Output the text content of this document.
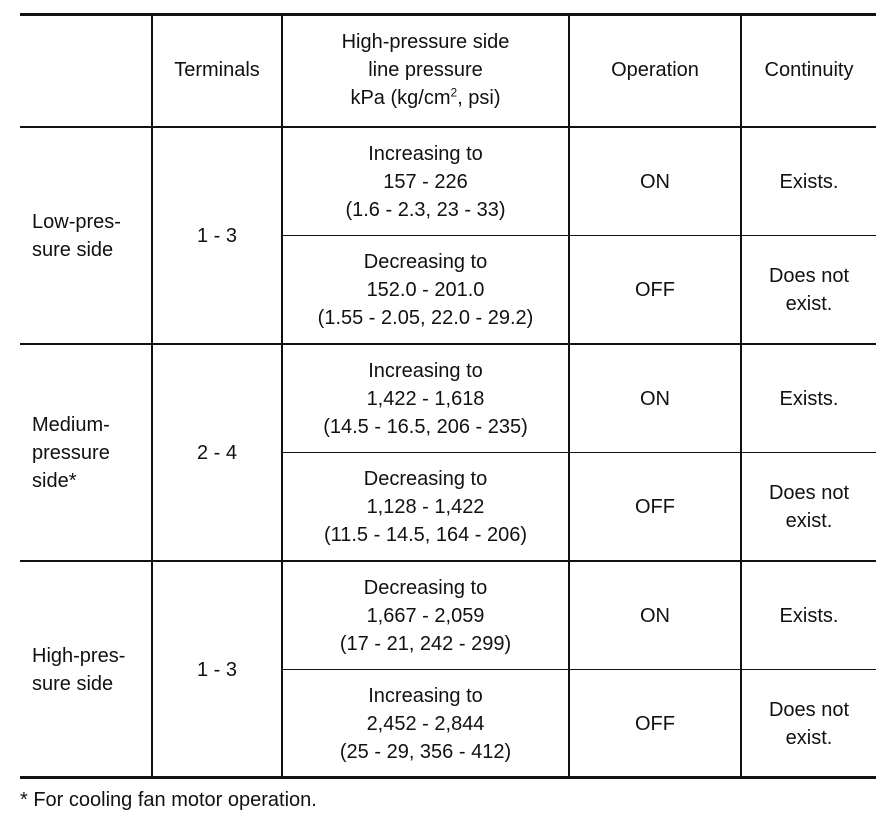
	Terminals	High-pressure side
line pressure
kPa ($kg/cm^2$, psi)	Operation	Continuity

Low-pres-
sure side	1 - 3	Increasing to
157 - 226
(1.6 - 2.3, 23 - 33)	ON	Exists.

		Decreasing to
152.0 - 201.0
(1.55 - 2.05, 22.0 - 29.2)	OFF	Does not
exist.

Medium-
pressure
side*	2 - 4	Increasing to
1,422 - 1,618
(14.5 - 16.5, 206 - 235)	ON	Exists.

		Decreasing to
1,128 - 1,422
(11.5 - 14.5, 164 - 206)	OFF	Does not
exist.

High-pres-
sure side	1 - 3	Decreasing to
1,667 - 2,059
(17 - 21, 242 - 299)	ON	Exists.

		Increasing to
2,452 - 2,844
(25 - 29, 356 - 412)	OFF	Does not
exist.
* For cooling fan motor operation.
